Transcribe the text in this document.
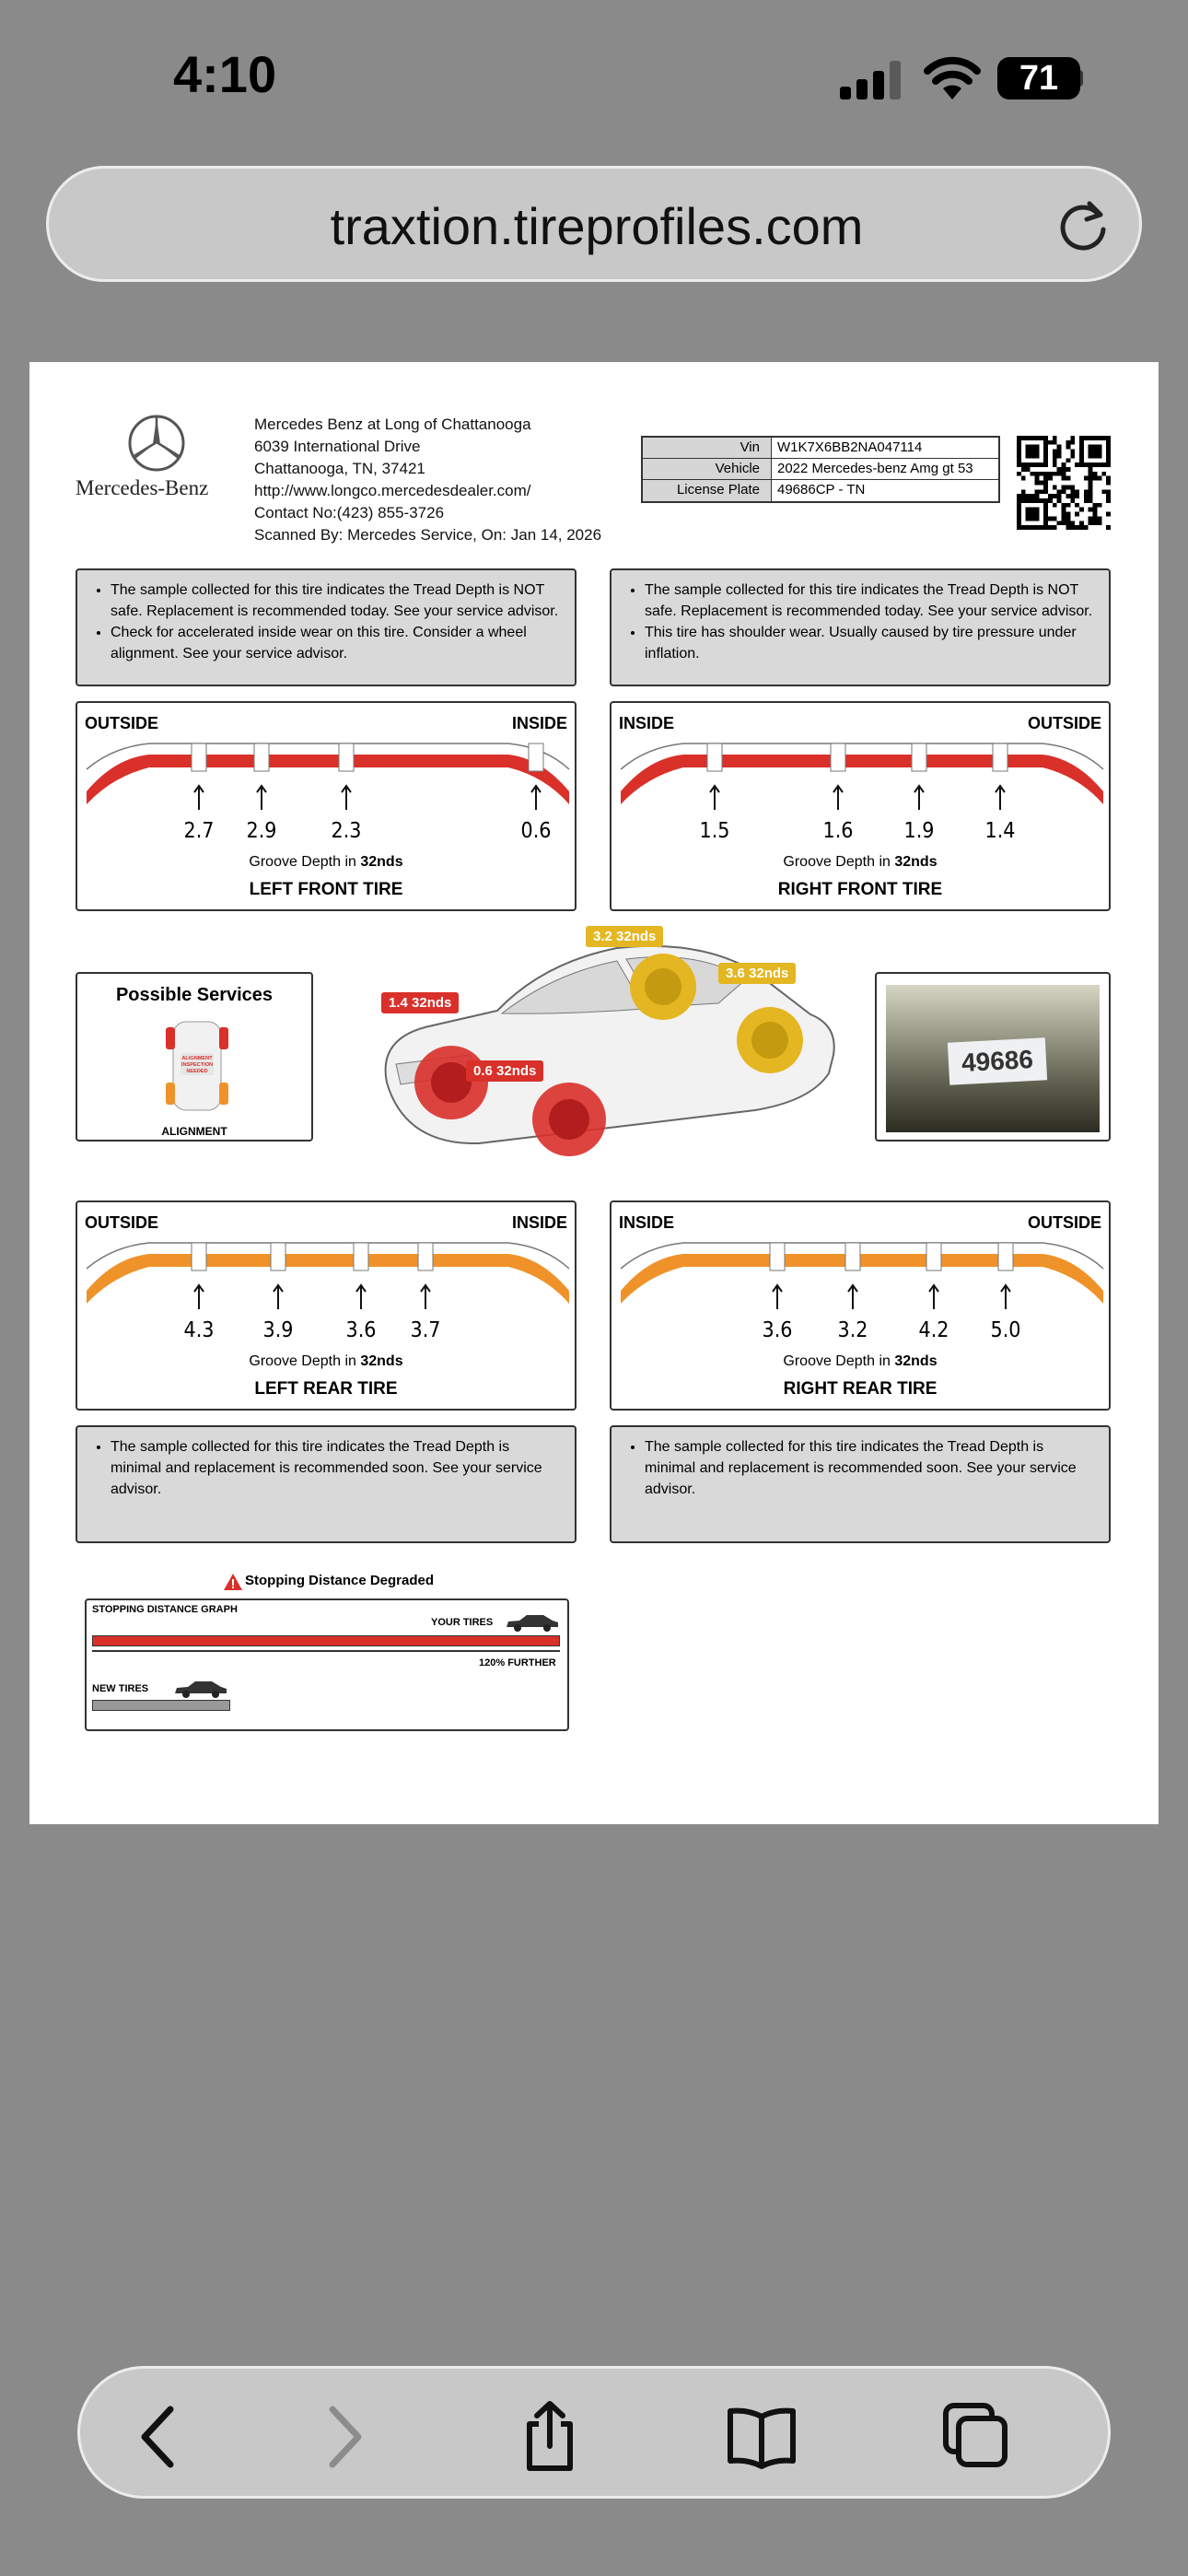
4:10	71
traxtion.tireprofiles.com
Mercedes-Benz
Mercedes Benz at Long of Chattanooga
6039 International Drive
Chattanooga, TN, 37421
http://www.longco.mercedesdealer.com/
Contact No:(423) 855-3726
Scanned By: Mercedes Service, On: Jan 14, 2026
Vin	W1K7X6BB2NA047114
Vehicle	2022 Mercedes-benz Amg gt 53
License Plate	49686CP - TN
• The sample collected for this tire indicates the Tread Depth is NOT safe. Replacement is recommended today. See your service advisor.
• Check for accelerated inside wear on this tire. Consider a wheel alignment. See your service advisor.
• The sample collected for this tire indicates the Tread Depth is NOT safe. Replacement is recommended today. See your service advisor.
• This tire has shoulder wear. Usually caused by tire pressure under inflation.
OUTSIDE	INSIDE
2.7 2.9	2.3	0.6
Groove Depth in 32nds
LEFT FRONT TIRE
INSIDE	OUTSIDE
1.5	1.6 1.9 1.4
Groove Depth in 32nds
RIGHT FRONT TIRE
Possible Services
ALIGNMENT
INSPECTION
NEEDED
ALIGNMENT
1.4 32nds
0.6 32nds
3.2 32nds
3.6 32nds
49686
OUTSIDE	INSIDE
4.3 3.9 3.6 3.7
Groove Depth in 32nds
LEFT REAR TIRE
INSIDE	OUTSIDE
3.6 3.2 4.2 5.0
Groove Depth in 32nds
RIGHT REAR TIRE
• The sample collected for this tire indicates the Tread Depth is minimal and replacement is recommended soon. See your service advisor.
• The sample collected for this tire indicates the Tread Depth is minimal and replacement is recommended soon. See your service advisor.
Stopping Distance Degraded
STOPPING DISTANCE GRAPH
YOUR TIRES
120% FURTHER
NEW TIRES
